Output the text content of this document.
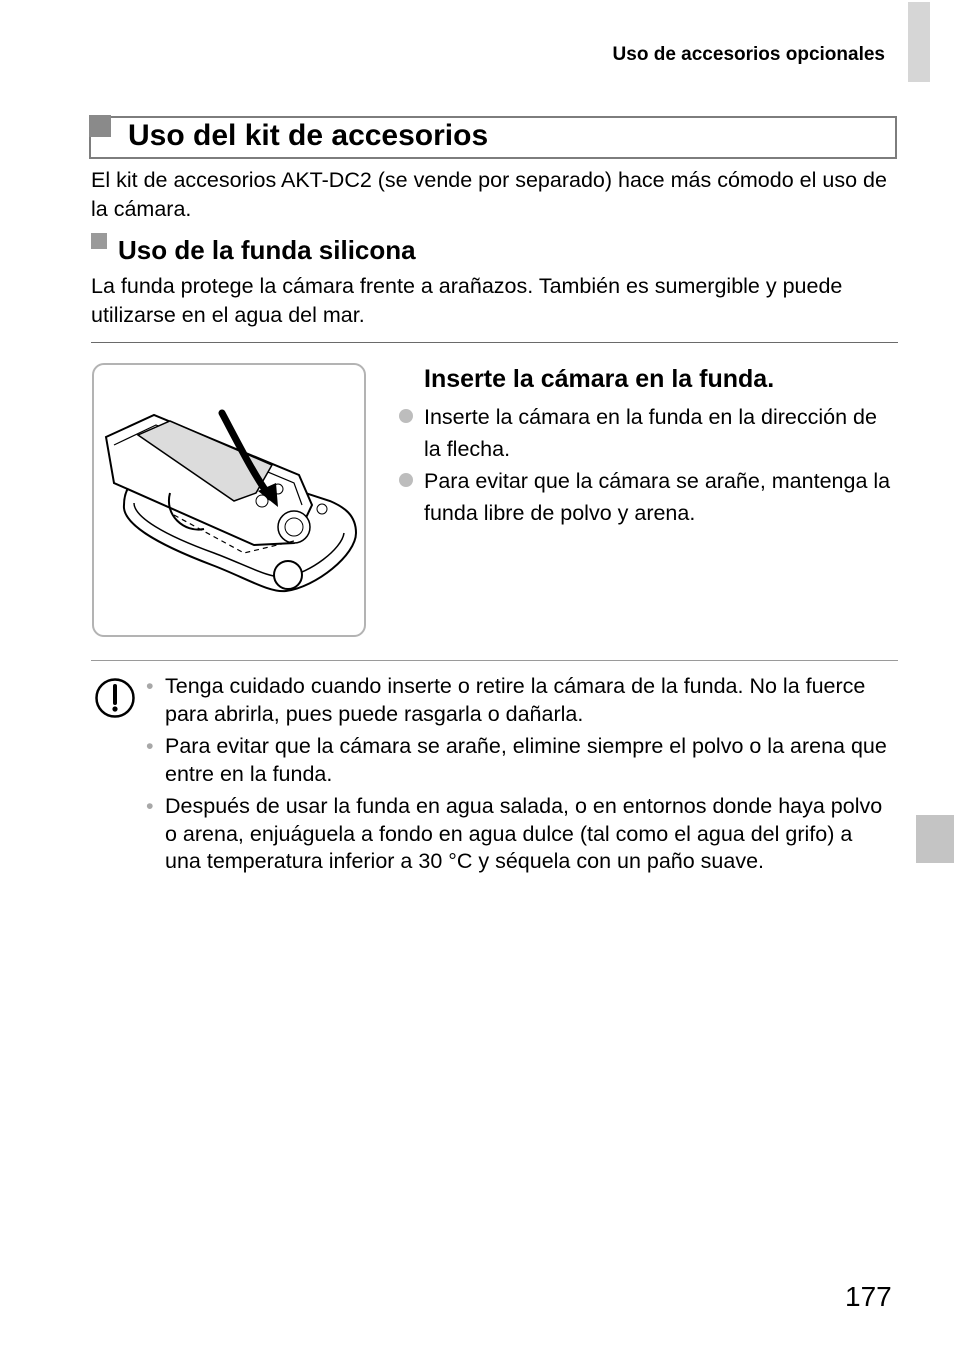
Uso de accesorios opcionales
Uso del kit de accesorios
El kit de accesorios AKT-DC2 (se vende por separado) hace más cómodo el uso de la cámara.
Uso de la funda silicona
La funda protege la cámara frente a arañazos. También es sumergible y puede utilizarse en el agua del mar.
Inserte la cámara en la funda.
Inserte la cámara en la funda en la dirección de la flecha.
Para evitar que la cámara se arañe, mantenga la funda libre de polvo y arena.
• Tenga cuidado cuando inserte o retire la cámara de la funda. No la fuerce para abrirla, pues puede rasgarla o dañarla.
• Para evitar que la cámara se arañe, elimine siempre el polvo o la arena que entre en la funda.
• Después de usar la funda en agua salada, o en entornos donde haya polvo o arena, enjuáguela a fondo en agua dulce (tal como el agua del grifo) a una temperatura inferior a 30 °C y séquela con un paño suave.
177
